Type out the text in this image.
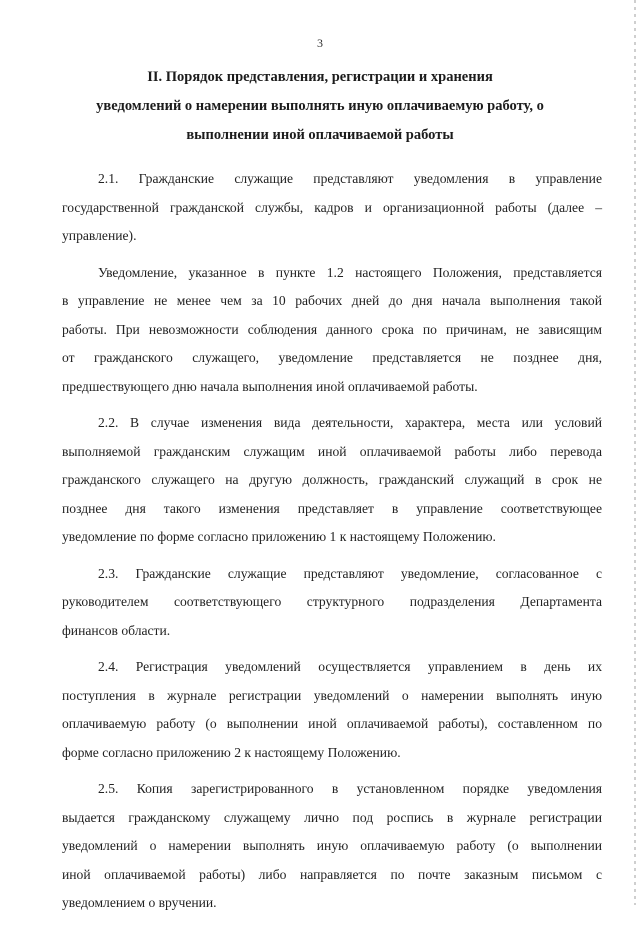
3
II. Порядок представления, регистрации и хранения
уведомлений о намерении выполнять иную оплачиваемую работу, о
выполнении иной оплачиваемой работы
2.1. Гражданские служащие представляют уведомления в управление
государственной гражданской службы, кадров и организационной работы (далее –
управление).
Уведомление, указанное в пункте 1.2 настоящего Положения, представляется
в управление не менее чем за 10 рабочих дней до дня начала выполнения такой
работы. При невозможности соблюдения данного срока по причинам, не зависящим
от гражданского служащего, уведомление представляется не позднее дня,
предшествующего дню начала выполнения иной оплачиваемой работы.
2.2. В случае изменения вида деятельности, характера, места или условий
выполняемой гражданским служащим иной оплачиваемой работы либо перевода
гражданского служащего на другую должность, гражданский служащий в срок не
позднее дня такого изменения представляет в управление соответствующее
уведомление по форме согласно приложению 1 к настоящему Положению.
2.3. Гражданские служащие представляют уведомление, согласованное с
руководителем соответствующего структурного подразделения Департамента
финансов области.
2.4. Регистрация уведомлений осуществляется управлением в день их
поступления в журнале регистрации уведомлений о намерении выполнять иную
оплачиваемую работу (о выполнении иной оплачиваемой работы), составленном по
форме согласно приложению 2 к настоящему Положению.
2.5. Копия зарегистрированного в установленном порядке уведомления
выдается гражданскому служащему лично под роспись в журнале регистрации
уведомлений о намерении выполнять иную оплачиваемую работу (о выполнении
иной оплачиваемой работы) либо направляется по почте заказным письмом с
уведомлением о вручении.
